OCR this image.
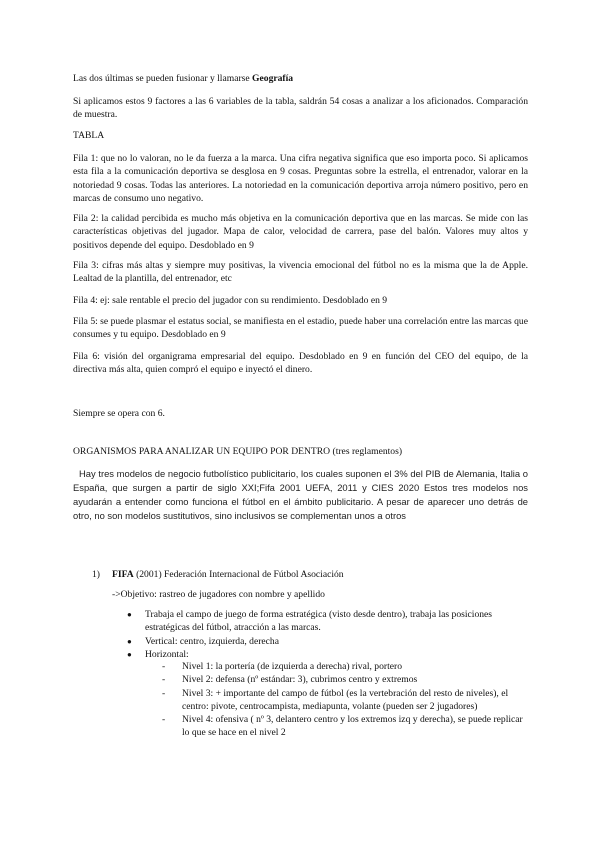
Las dos últimas se pueden fusionar y llamarse Geografía

Si aplicamos estos 9 factores a las 6 variables de la tabla, saldrán 54 cosas a analizar a los aficionados. Comparación de muestra.

TABLA

Fila 1: que no lo valoran, no le da fuerza a la marca. Una cifra negativa significa que eso importa poco. Si aplicamos esta fila a la comunicación deportiva se desglosa en 9 cosas. Preguntas sobre la estrella, el entrenador, valorar en la notoriedad 9 cosas. Todas las anteriores. La notoriedad en la comunicación deportiva arroja número positivo, pero en marcas de consumo uno negativo.

Fila 2: la calidad percibida es mucho más objetiva en la comunicación deportiva que en las marcas. Se mide con las características objetivas del jugador. Mapa de calor, velocidad de carrera, pase del balón. Valores muy altos y positivos depende del equipo. Desdoblado en 9

Fila 3: cifras más altas y siempre muy positivas, la vivencia emocional del fútbol no es la misma que la de Apple. Lealtad de la plantilla, del entrenador, etc

Fila 4: ej: sale rentable el precio del jugador con su rendimiento. Desdoblado en 9

Fila 5: se puede plasmar el estatus social, se manifiesta en el estadio, puede haber una correlación entre las marcas que consumes y tu equipo. Desdoblado en 9

Fila 6: visión del organigrama empresarial del equipo. Desdoblado en 9 en función del CEO del equipo, de la directiva más alta, quien compró el equipo e inyectó el dinero.

Siempre se opera con 6.

ORGANISMOS PARA ANALIZAR UN EQUIPO POR DENTRO (tres reglamentos)

Hay tres modelos de negocio futbolístico publicitario, los cuales suponen el 3% del PIB de Alemania, Italia o España, que surgen a partir de siglo XXI;Fifa 2001 UEFA, 2011 y CIES 2020 Estos tres modelos nos ayudarán a entender como funciona el fútbol en el ámbito publicitario. A pesar de aparecer uno detrás de otro, no son modelos sustitutivos, sino inclusivos se complementan unos a otros

1) FIFA (2001) Federación Internacional de Fútbol Asociación
->Objetivo: rastreo de jugadores con nombre y apellido
● Trabaja el campo de juego de forma estratégica (visto desde dentro), trabaja las posiciones estratégicas del fútbol, atracción a las marcas.
● Vertical: centro, izquierda, derecha
● Horizontal:
- Nivel 1: la portería (de izquierda a derecha) rival, portero
- Nivel 2: defensa (nº estándar: 3), cubrimos centro y extremos
- Nivel 3: + importante del campo de fútbol (es la vertebración del resto de niveles), el centro: pivote, centrocampista, mediapunta, volante (pueden ser 2 jugadores)
- Nivel 4: ofensiva ( nº 3, delantero centro y los extremos izq y derecha), se puede replicar lo que se hace en el nivel 2
